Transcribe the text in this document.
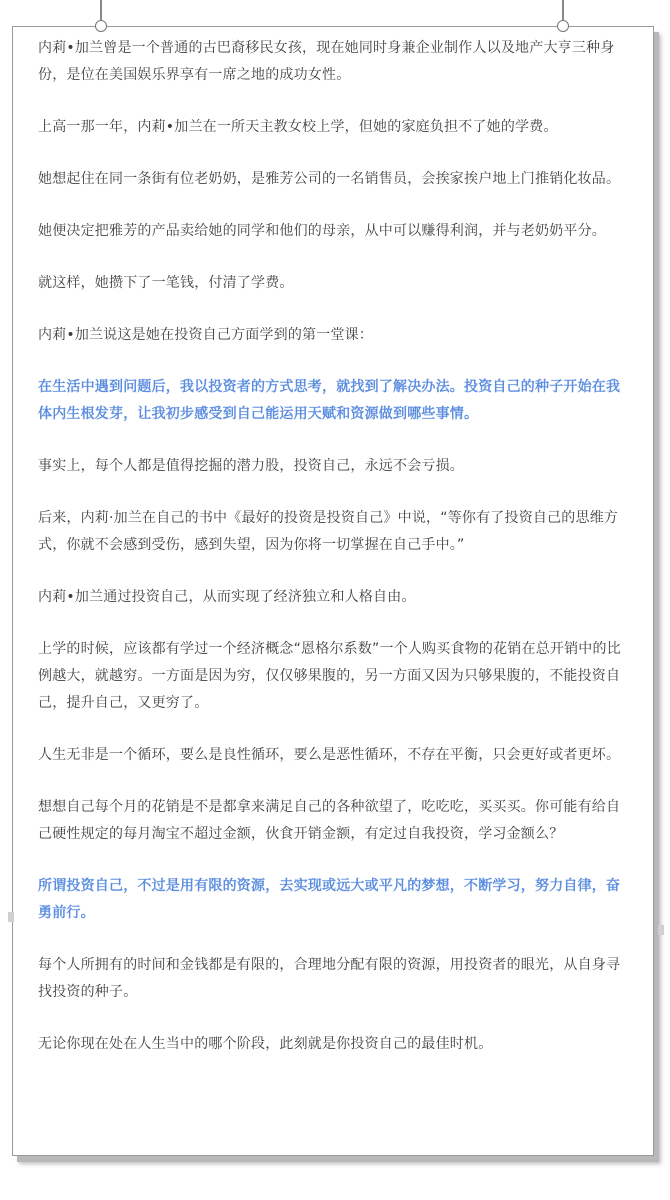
内莉•加兰曾是一个普通的古巴裔移民女孩，现在她同时身兼企业制作人以及地产大亨三种身份，是位在美国娱乐界享有一席之地的成功女性。

上高一那一年，内莉•加兰在一所天主教女校上学，但她的家庭负担不了她的学费。

她想起住在同一条街有位老奶奶，是雅芳公司的一名销售员，会挨家挨户地上门推销化妆品。

她便决定把雅芳的产品卖给她的同学和他们的母亲，从中可以赚得利润，并与老奶奶平分。

就这样，她攒下了一笔钱，付清了学费。

内莉•加兰说这是她在投资自己方面学到的第一堂课：

在生活中遇到问题后，我以投资者的方式思考，就找到了解决办法。投资自己的种子开始在我体内生根发芽，让我初步感受到自己能运用天赋和资源做到哪些事情。

事实上，每个人都是值得挖掘的潜力股，投资自己，永远不会亏损。

后来，内莉·加兰在自己的书中《最好的投资是投资自己》中说，“等你有了投资自己的思维方式，你就不会感到受伤，感到失望，因为你将一切掌握在自己手中。”

内莉•加兰通过投资自己，从而实现了经济独立和人格自由。

上学的时候，应该都有学过一个经济概念“恩格尔系数”一个人购买食物的花销在总开销中的比例越大，就越穷。一方面是因为穷，仅仅够果腹的，另一方面又因为只够果腹的，不能投资自己，提升自己，又更穷了。

人生无非是一个循环，要么是良性循环，要么是恶性循环，不存在平衡，只会更好或者更坏。

想想自己每个月的花销是不是都拿来满足自己的各种欲望了，吃吃吃，买买买。你可能有给自己硬性规定的每月淘宝不超过金额，伙食开销金额，有定过自我投资，学习金额么？

所谓投资自己，不过是用有限的资源，去实现或远大或平凡的梦想，不断学习，努力自律，奋勇前行。

每个人所拥有的时间和金钱都是有限的，合理地分配有限的资源，用投资者的眼光，从自身寻找投资的种子。

无论你现在处在人生当中的哪个阶段，此刻就是你投资自己的最佳时机。
